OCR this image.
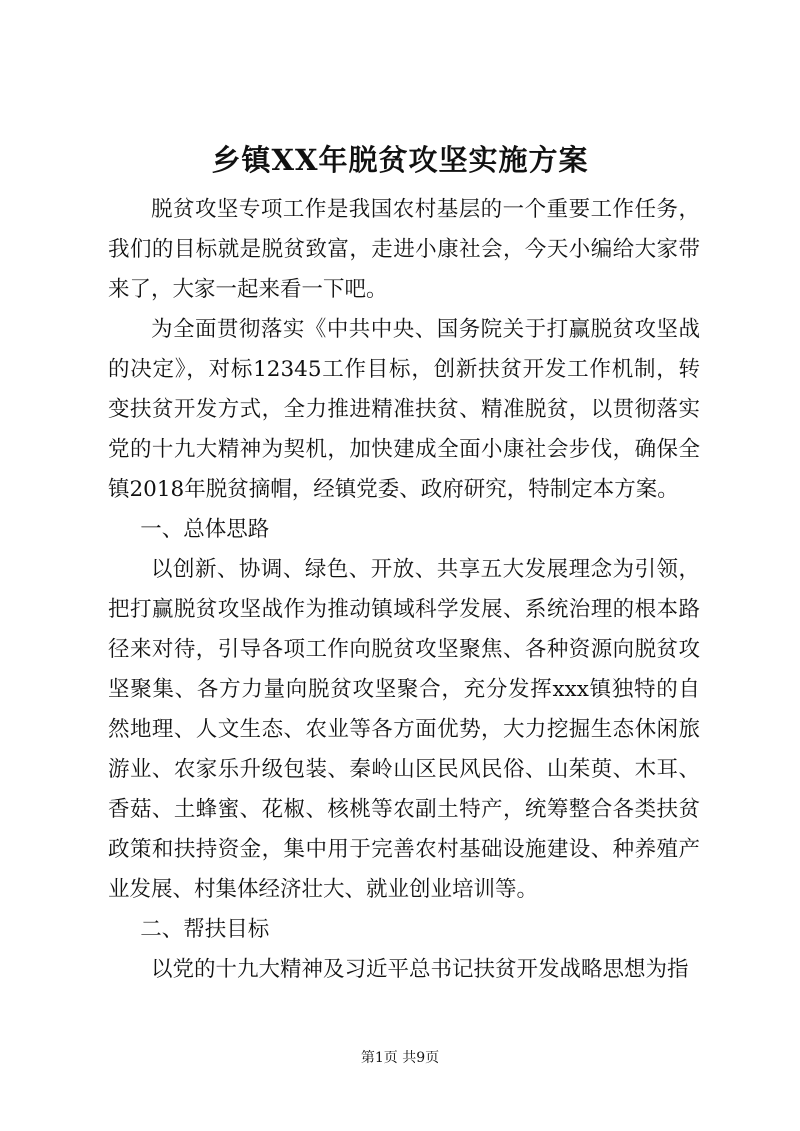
乡镇XX年脱贫攻坚实施方案

脱贫攻坚专项工作是我国农村基层的一个重要工作任务，我们的目标就是脱贫致富，走进小康社会，今天小编给大家带来了，大家一起来看一下吧。

为全面贯彻落实《中共中央、国务院关于打赢脱贫攻坚战的决定》，对标12345工作目标，创新扶贫开发工作机制，转变扶贫开发方式，全力推进精准扶贫、精准脱贫，以贯彻落实党的十九大精神为契机，加快建成全面小康社会步伐，确保全镇2018年脱贫摘帽，经镇党委、政府研究，特制定本方案。

一、总体思路

以创新、协调、绿色、开放、共享五大发展理念为引领，把打赢脱贫攻坚战作为推动镇域科学发展、系统治理的根本路径来对待，引导各项工作向脱贫攻坚聚焦、各种资源向脱贫攻坚聚集、各方力量向脱贫攻坚聚合，充分发挥xxx镇独特的自然地理、人文生态、农业等各方面优势，大力挖掘生态休闲旅游业、农家乐升级包装、秦岭山区民风民俗、山茱萸、木耳、香菇、土蜂蜜、花椒、核桃等农副土特产，统筹整合各类扶贫政策和扶持资金，集中用于完善农村基础设施建设、种养殖产业发展、村集体经济壮大、就业创业培训等。

二、帮扶目标

以党的十九大精神及习近平总书记扶贫开发战略思想为指

第1页 共9页
